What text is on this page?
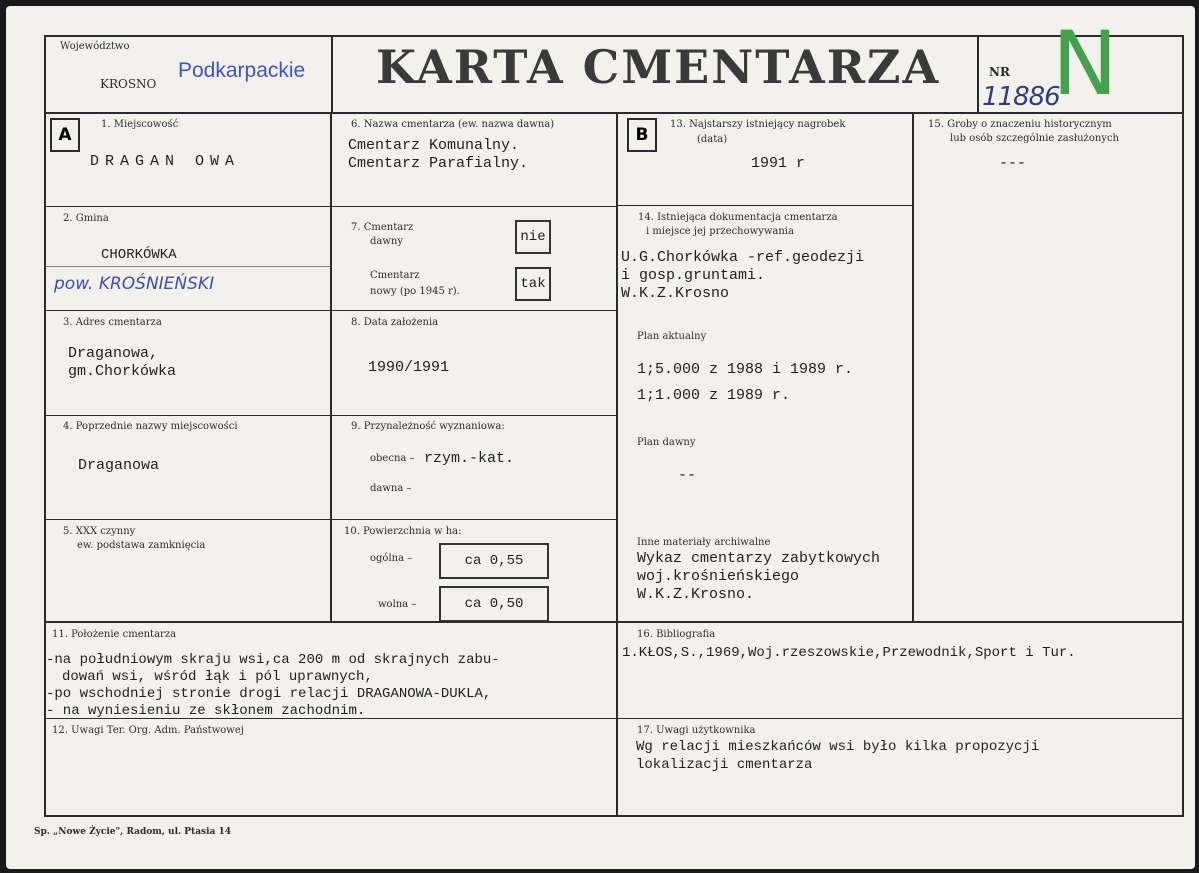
Województwo
KROSNO
Podkarpackie KARTA CMENTARZA	NR
11886
N
A
1. Miejscowość
DRAGAN OWA
2. Gmina
CHORKÓWKA
pow. KROŚNIEŃSKI
3. Adres cmentarza
Draganowa,
gm.Chorkówka
4. Poprzednie nazwy miejscowości
Draganowa
5. XXX czynny
ew. podstawa zamknięcia
6. Nazwa cmentarza (ew. nazwa dawna)
Cmentarz Komunalny.
Cmentarz Parafialny.
7. Cmentarz
dawny	nie
Cmentarz
nowy (po 1945 r).	tak
8. Data założenia
1990/1991
9. Przynależność wyznaniowa:
obecna – rzym.-kat.
dawna –
10. Powierzchnia w ha:
ogólna –	ca 0,55
wolna –	ca 0,50
B
13. Najstarszy istniejący nagrobek
(data)
1991 r
14. Istniejąca dokumentacja cmentarza
i miejsce jej przechowywania
U.G.Chorkówka -ref.geodezji
i gosp.gruntami.
W.K.Z.Krosno
Plan aktualny
1;5.000 z 1988 i 1989 r.
1;1.000 z 1989 r.
Plan dawny
--
Inne materiały archiwalne
Wykaz cmentarzy zabytkowych
woj.krośnieńskiego
W.K.Z.Krosno.
15. Groby o znaczeniu historycznym
lub osób szczególnie zasłużonych
---
11. Położenie cmentarza
-na południowym skraju wsi,ca 200 m od skrajnych zabu-
dowań wsi, wśród łąk i pól uprawnych,
-po wschodniej stronie drogi relacji DRAGANOWA-DUKLA,
- na wyniesieniu ze skłonem zachodnim.
12. Uwagi Ter. Org. Adm. Państwowej
16. Bibliografia
1.KŁOS,S.,1969,Woj.rzeszowskie,Przewodnik,Sport i Tur.
17. Uwagi użytkownika
Wg relacji mieszkańców wsi było kilka propozycji
lokalizacji cmentarza
Sp. „Nowe Życie", Radom, ul. Ptasia 14
